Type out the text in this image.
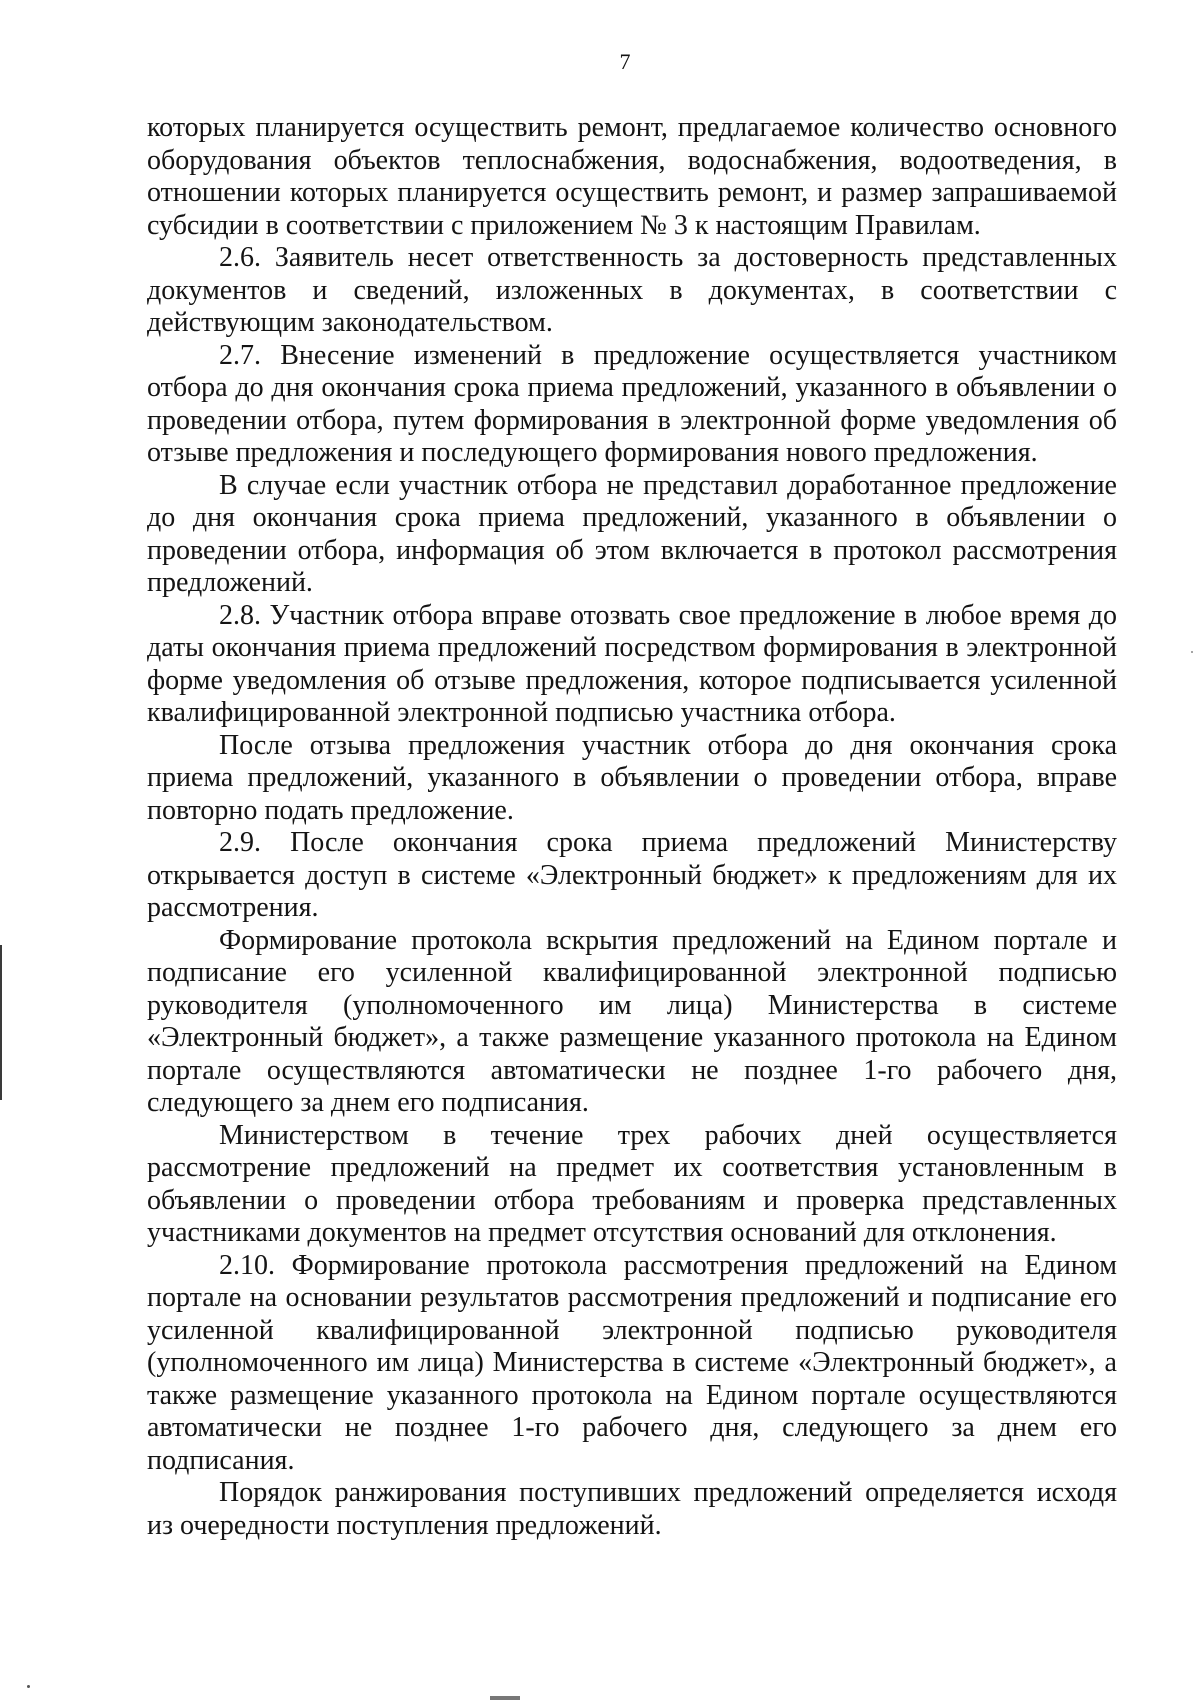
7

которых планируется осуществить ремонт, предлагаемое количество основного оборудования объектов теплоснабжения, водоснабжения, водоотведения, в отношении которых планируется осуществить ремонт, и размер запрашиваемой субсидии в соответствии с приложением № 3 к настоящим Правилам.

2.6. Заявитель несет ответственность за достоверность представленных документов и сведений, изложенных в документах, в соответствии с действующим законодательством.

2.7. Внесение изменений в предложение осуществляется участником отбора до дня окончания срока приема предложений, указанного в объявлении о проведении отбора, путем формирования в электронной форме уведомления об отзыве предложения и последующего формирования нового предложения.

В случае если участник отбора не представил доработанное предложение до дня окончания срока приема предложений, указанного в объявлении о проведении отбора, информация об этом включается в протокол рассмотрения предложений.

2.8. Участник отбора вправе отозвать свое предложение в любое время до даты окончания приема предложений посредством формирования в электронной форме уведомления об отзыве предложения, которое подписывается усиленной квалифицированной электронной подписью участника отбора.

После отзыва предложения участник отбора до дня окончания срока приема предложений, указанного в объявлении о проведении отбора, вправе повторно подать предложение.

2.9. После окончания срока приема предложений Министерству открывается доступ в системе «Электронный бюджет» к предложениям для их рассмотрения.

Формирование протокола вскрытия предложений на Едином портале и подписание его усиленной квалифицированной электронной подписью руководителя (уполномоченного им лица) Министерства в системе «Электронный бюджет», а также размещение указанного протокола на Едином портале осуществляются автоматически не позднее 1-го рабочего дня, следующего за днем его подписания.

Министерством в течение трех рабочих дней осуществляется рассмотрение предложений на предмет их соответствия установленным в объявлении о проведении отбора требованиям и проверка представленных участниками документов на предмет отсутствия оснований для отклонения.

2.10. Формирование протокола рассмотрения предложений на Едином портале на основании результатов рассмотрения предложений и подписание его усиленной квалифицированной электронной подписью руководителя (уполномоченного им лица) Министерства в системе «Электронный бюджет», а также размещение указанного протокола на Едином портале осуществляются автоматически не позднее 1-го рабочего дня, следующего за днем его подписания.

Порядок ранжирования поступивших предложений определяется исходя из очередности поступления предложений.
